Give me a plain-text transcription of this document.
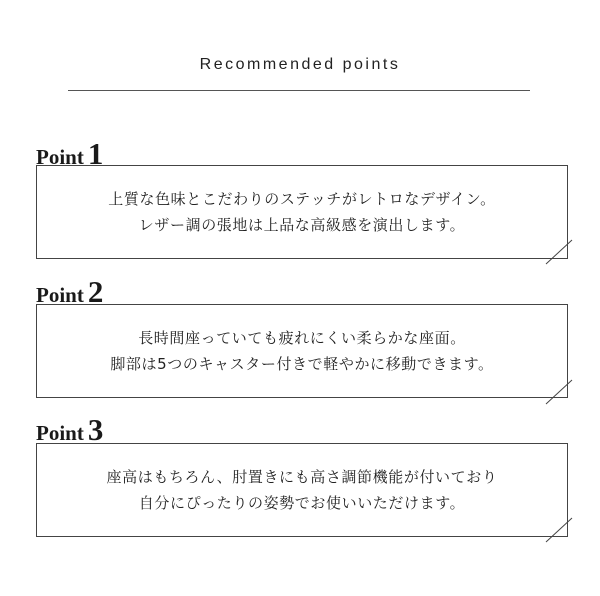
Recommended points
Point 1
上質な色味とこだわりのステッチがレトロなデザイン。
レザー調の張地は上品な高級感を演出します。
Point 2
長時間座っていても疲れにくい柔らかな座面。
脚部は5つのキャスター付きで軽やかに移動できます。
Point 3
座高はもちろん、肘置きにも高さ調節機能が付いており
自分にぴったりの姿勢でお使いいただけます。
